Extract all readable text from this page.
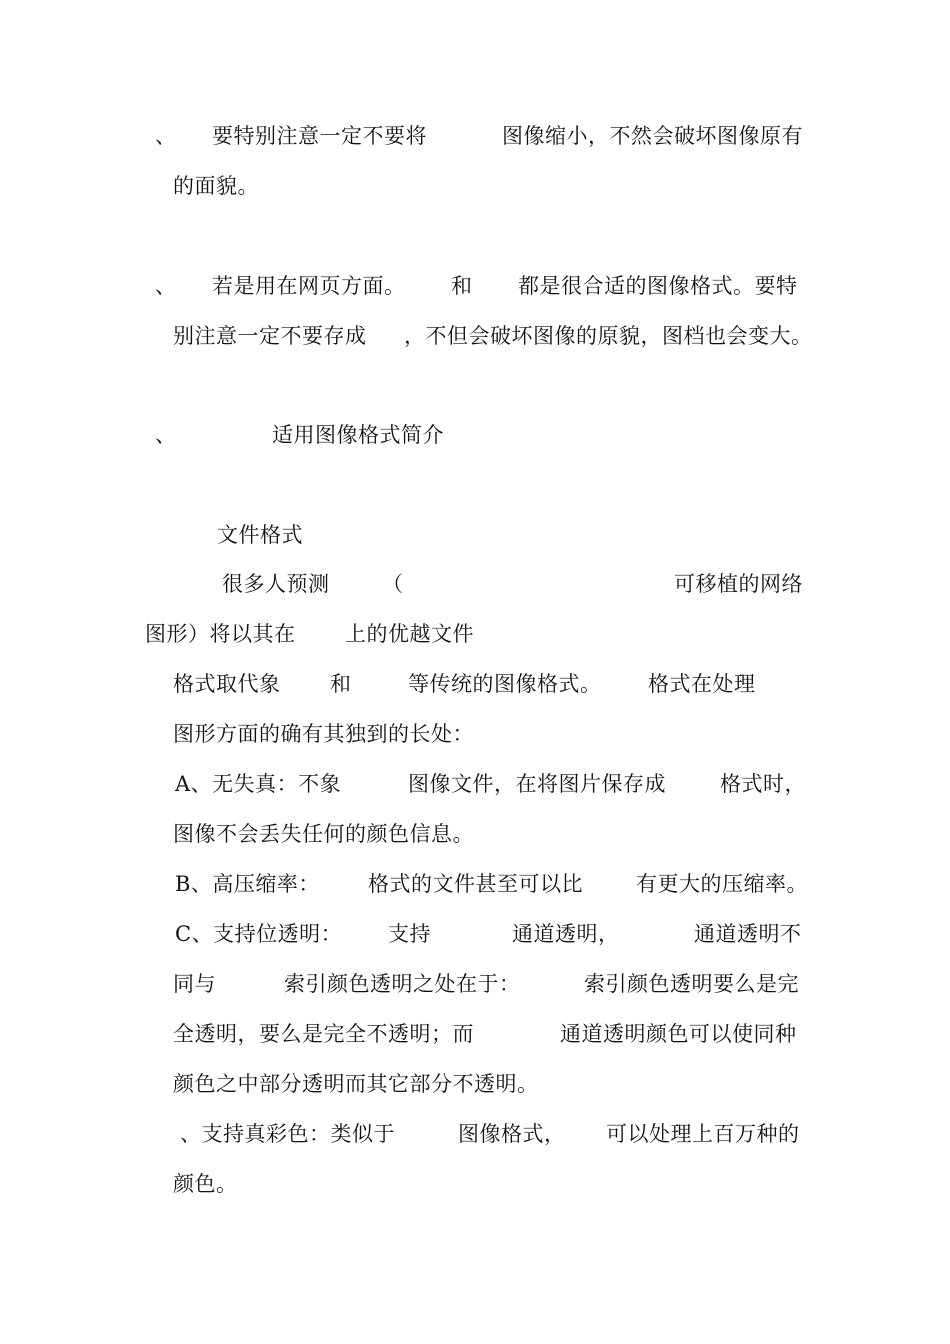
、 要特别注意一定不要将	图像缩小，不然会破坏图像原有
的面貌。
、 若是用在网页方面。 和 都是很合适的图像格式。要特
别注意一定不要存成 ，不但会破坏图像的原貌，图档也会变大。
、	适用图像格式简介
文件格式
很多人预测	（	可移植的网络
图形）将以其在 上的优越文件
格式取代象 和	等传统的图像格式。 格式在处理
图形方面的确有其独到的长处：
A、无失真：不象	图像文件，在将图片保存成	格式时，
图像不会丢失任何的颜色信息。
B、高压缩率： 格式的文件甚至可以比	有更大的压缩率。
C、支持位透明： 支持	通道透明，	通道透明不
同与	索引颜色透明之处在于：	索引颜色透明要么是完
全透明，要么是完全不透明；而	通道透明颜色可以使同种
颜色之中部分透明而其它部分不透明。
、支持真彩色：类似于	图像格式， 可以处理上百万种的
颜色。
